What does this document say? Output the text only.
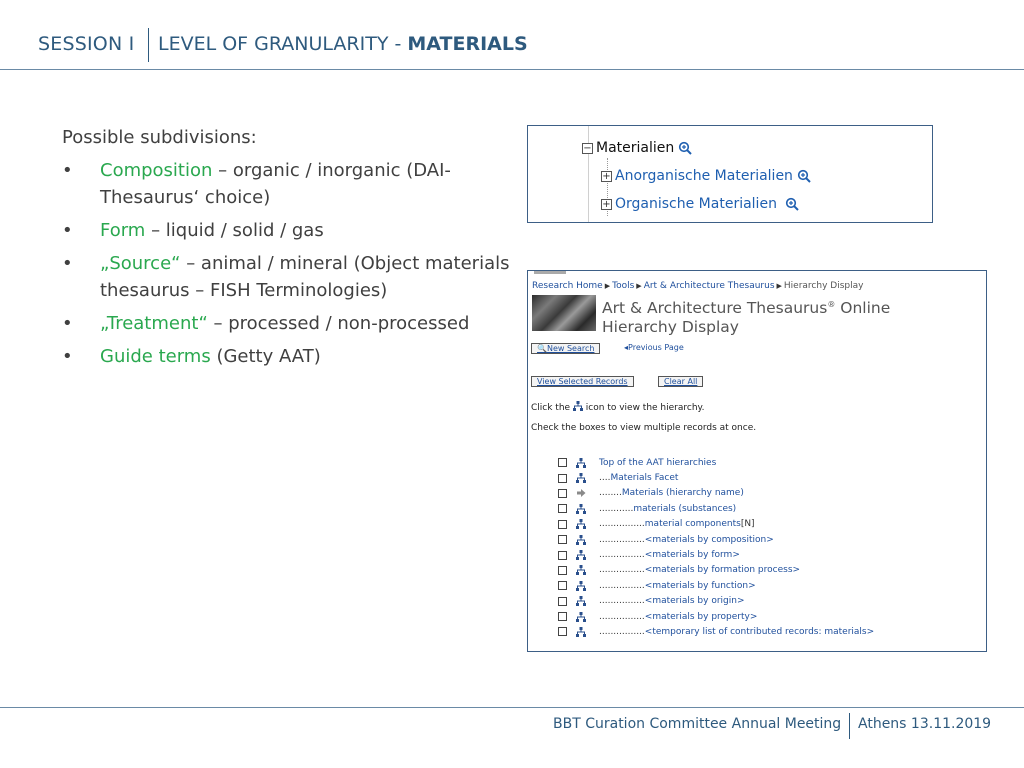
SESSION I LEVEL OF GRANULARITY - MATERIALS
Possible subdivisions:
• Composition – organic / inorganic (DAI-Thesaurus‘ choice)
• Form – liquid / solid / gas
• „Source“ – animal / mineral (Object materials thesaurus – FISH Terminologies)
• „Treatment“ – processed / non-processed
• Guide terms (Getty AAT)
− Materialien
+ Anorganische Materialien
+ Organische Materialien
Research Home ▶ Tools ▶ Art & Architecture Thesaurus ▶ Hierarchy Display
Art & Architecture Thesaurus® Online
Hierarchy Display
🔍New Search	◂Previous Page
View Selected Records	Clear All
Click the  icon to view the hierarchy.
Check the boxes to view multiple records at once.
Top of the AAT hierarchies
.... Materials Facet
........ Materials (hierarchy name)
............ materials (substances)
................ material components [N]
................ <materials by composition>
................ <materials by form>
................ <materials by formation process>
................ <materials by function>
................ <materials by origin>
................ <materials by property>
................ <temporary list of contributed records: materials>
BBT Curation Committee Annual Meeting Athens 13.11.2019
